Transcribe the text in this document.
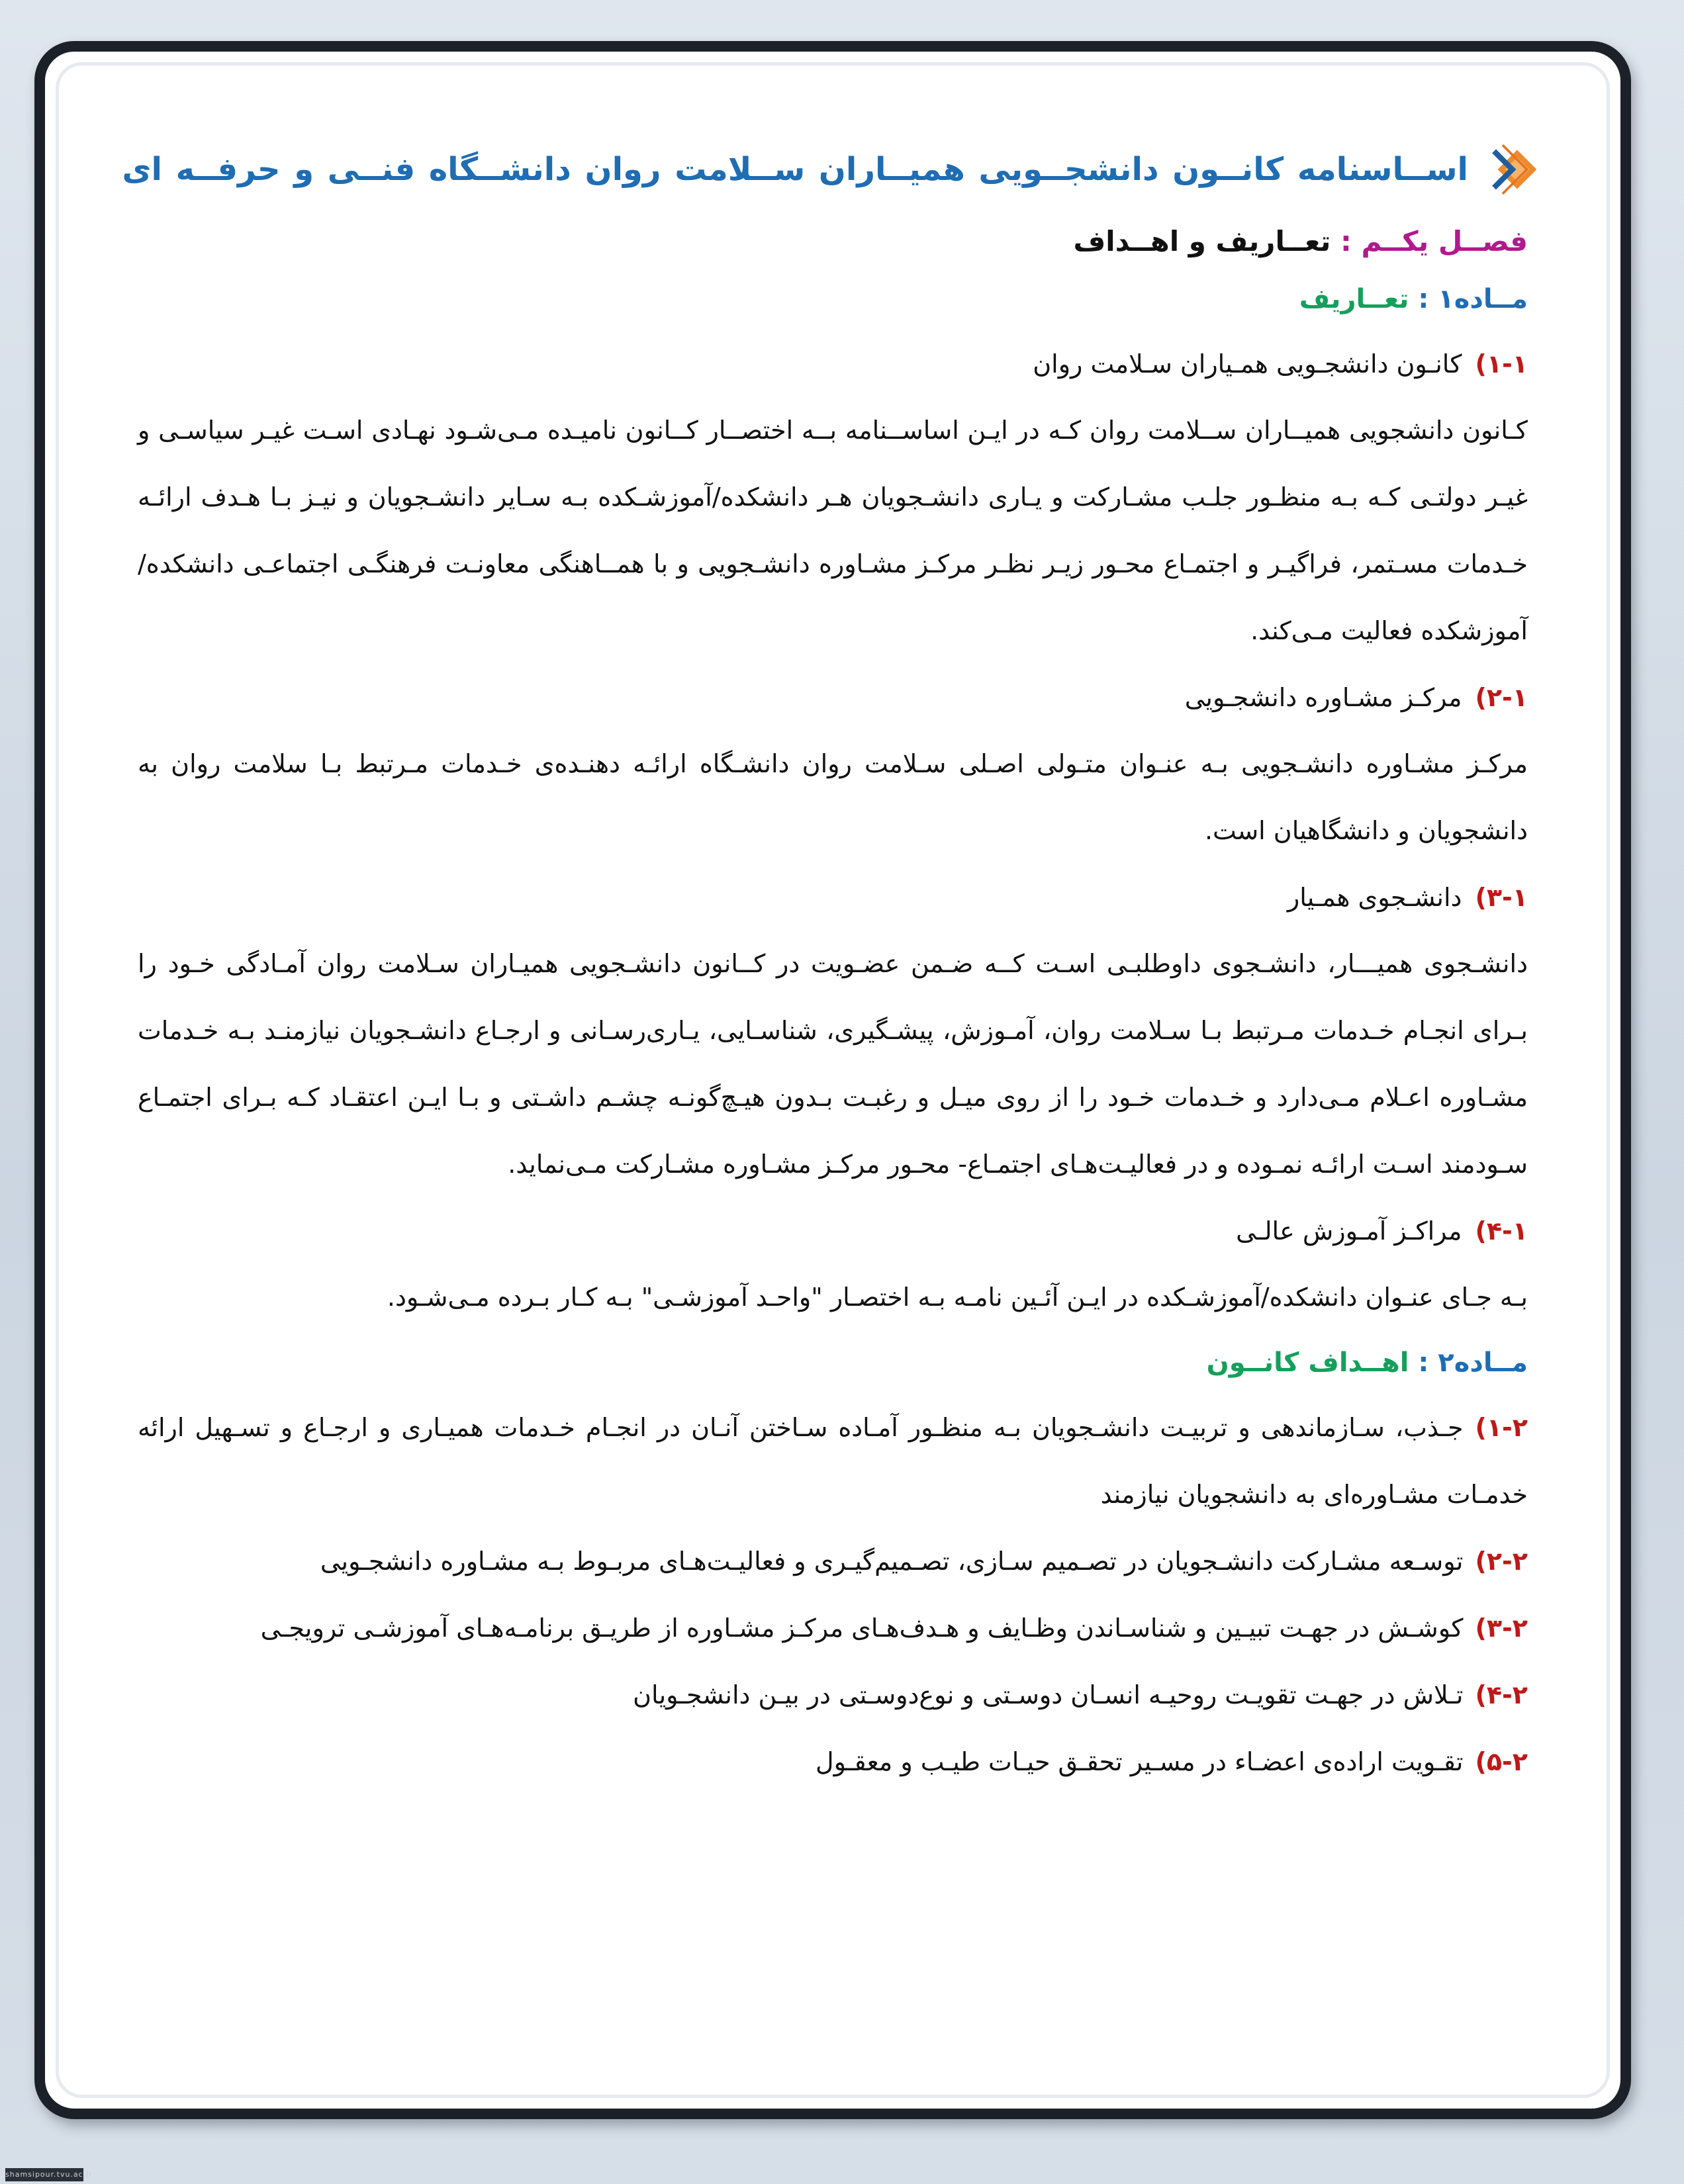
اســاسنامه کانــون دانشجــویی همیــاران ســلامت روان دانشــگاه فنــی و حرفــه ای
فصــل یکــم : تعــاریف و اهــداف
مــاده۱ : تعــاریف
۱-۱)کانـون دانشجـویی همـیاران سـلامت روان
کـانون دانشجویی همیــاران ســلامت روان کـه در ایـن اساســنامه بــه اختصــار کــانون نامیـده مـی‌شـود نهـادی اسـت غیـر سیاسـی و غیـر دولتـی کـه بـه منظـور جلـب مشـارکت و یـاری دانشـجویان هـر دانشکده/آموزشـکده بـه سـایر دانشـجویان و نیـز بـا هـدف ارائـه خـدمات مسـتمر، فراگیـر و اجتمـاع محـور زیـر نظـر مرکـز مشـاوره دانشـجویی و با همــاهنگی معاونـت فرهنگـی اجتماعـی دانشکده/آموزشکده فعالیت مـی‌کند.
۲-۱)مرکـز مشـاوره دانشجـویی
مرکـز مشـاوره دانشـجویی بـه عنـوان متـولی اصـلی سـلامت روان دانشـگاه ارائـه دهنـده‌ی خـدمات مـرتبط بـا سلامت روان به دانشجویان و دانشگاهیان است.
۳-۱)دانشـجوی همـیار
دانشـجوی همیـــار، دانشـجوی داوطلبـی اسـت کــه ضـمن عضـویت در کــانون دانشـجویی همیـاران سـلامت روان آمـادگی خـود را بـرای انجـام خـدمات مـرتبط بـا سـلامت روان، آمـوزش، پیشـگیری، شناسـایی، یـاری‌رسـانی و ارجـاع دانشـجویان نیازمنـد بـه خـدمات مشـاوره اعـلام مـی‌دارد و خـدمات خـود را از روی میـل و رغبـت بـدون هیـچ‌گونـه چشـم داشـتی و بـا ایـن اعتقـاد کـه بـرای اجتمـاع سـودمند اسـت ارائـه نمـوده و در فعالیـت‌هـای اجتمـاع- محـور مرکـز مشـاوره مشـارکت مـی‌نماید.
۴-۱)مراکـز آمـوزش عالـی
بـه جـای عنـوان دانشکده/آموزشـکده در ایـن آئـین نامـه بـه اختصـار "واحـد آموزشـی" بـه کـار بـرده مـی‌شـود.
مــاده۲ : اهــداف کانــون
۱-۲)جـذب، سـازماندهی و تربیـت دانشـجویان بـه منظـور آمـاده سـاختن آنـان در انجـام خـدمات همیـاری و ارجـاع و تسـهیل ارائه خدمـات مشـاوره‌ای به دانشجویان نیازمند
۲-۲)توسـعه مشـارکت دانشـجویان در تصـمیم سـازی، تصـمیم‌گیـری و فعالیـت‌هـای مربـوط بـه مشـاوره دانشجـویی
۳-۲)کوشـش در جهـت تبیـین و شناسـاندن وظـایف و هـدف‌هـای مرکـز مشـاوره از طریـق برنامـه‌هـای آموزشـی ترویجـی
۴-۲)تـلاش در جهـت تقویـت روحیـه انسـان دوسـتی و نوع‌دوسـتی در بیـن دانشجـویان
۵-۲)تقـویت اراده‌ی اعضـاء در مسـیر تحقـق حیـات طیـب و معقـول
shamsipour.tvu.ac.ir
